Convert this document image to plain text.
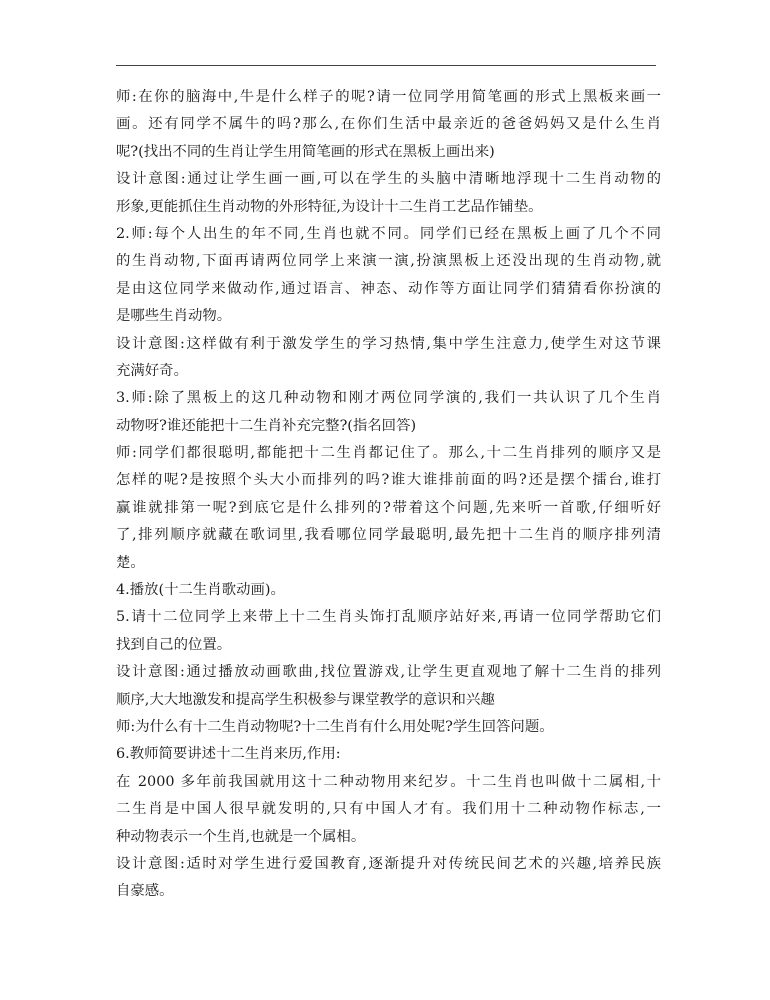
师:在你的脑海中,牛是什么样子的呢?请一位同学用简笔画的形式上黑板来画一
画。还有同学不属牛的吗?那么,在你们生活中最亲近的爸爸妈妈又是什么生肖
呢?(找出不同的生肖让学生用简笔画的形式在黑板上画出来)
设计意图:通过让学生画一画,可以在学生的头脑中清晰地浮现十二生肖动物的
形象,更能抓住生肖动物的外形特征,为设计十二生肖工艺品作铺垫。
2.师:每个人出生的年不同,生肖也就不同。同学们已经在黑板上画了几个不同
的生肖动物,下面再请两位同学上来演一演,扮演黑板上还没出现的生肖动物,就
是由这位同学来做动作,通过语言、神态、动作等方面让同学们猜猜看你扮演的
是哪些生肖动物。
设计意图:这样做有利于激发学生的学习热情,集中学生注意力,使学生对这节课
充满好奇。
3.师:除了黑板上的这几种动物和刚才两位同学演的,我们一共认识了几个生肖
动物呀?谁还能把十二生肖补充完整?(指名回答)
师:同学们都很聪明,都能把十二生肖都记住了。那么,十二生肖排列的顺序又是
怎样的呢?是按照个头大小而排列的吗?谁大谁排前面的吗?还是摆个擂台,谁打
赢谁就排第一呢?到底它是什么排列的?带着这个问题,先来听一首歌,仔细听好
了,排列顺序就藏在歌词里,我看哪位同学最聪明,最先把十二生肖的顺序排列清
楚。
4.播放(十二生肖歌动画)。
5.请十二位同学上来带上十二生肖头饰打乱顺序站好来,再请一位同学帮助它们
找到自己的位置。
设计意图:通过播放动画歌曲,找位置游戏,让学生更直观地了解十二生肖的排列
顺序,大大地激发和提高学生积极参与课堂教学的意识和兴趣
师:为什么有十二生肖动物呢?十二生肖有什么用处呢?学生回答问题。
6.教师简要讲述十二生肖来历,作用:
在 2000 多年前我国就用这十二种动物用来纪岁。十二生肖也叫做十二属相,十
二生肖是中国人很早就发明的,只有中国人才有。我们用十二种动物作标志,一
种动物表示一个生肖,也就是一个属相。
设计意图:适时对学生进行爱国教育,逐渐提升对传统民间艺术的兴趣,培养民族
自豪感。
